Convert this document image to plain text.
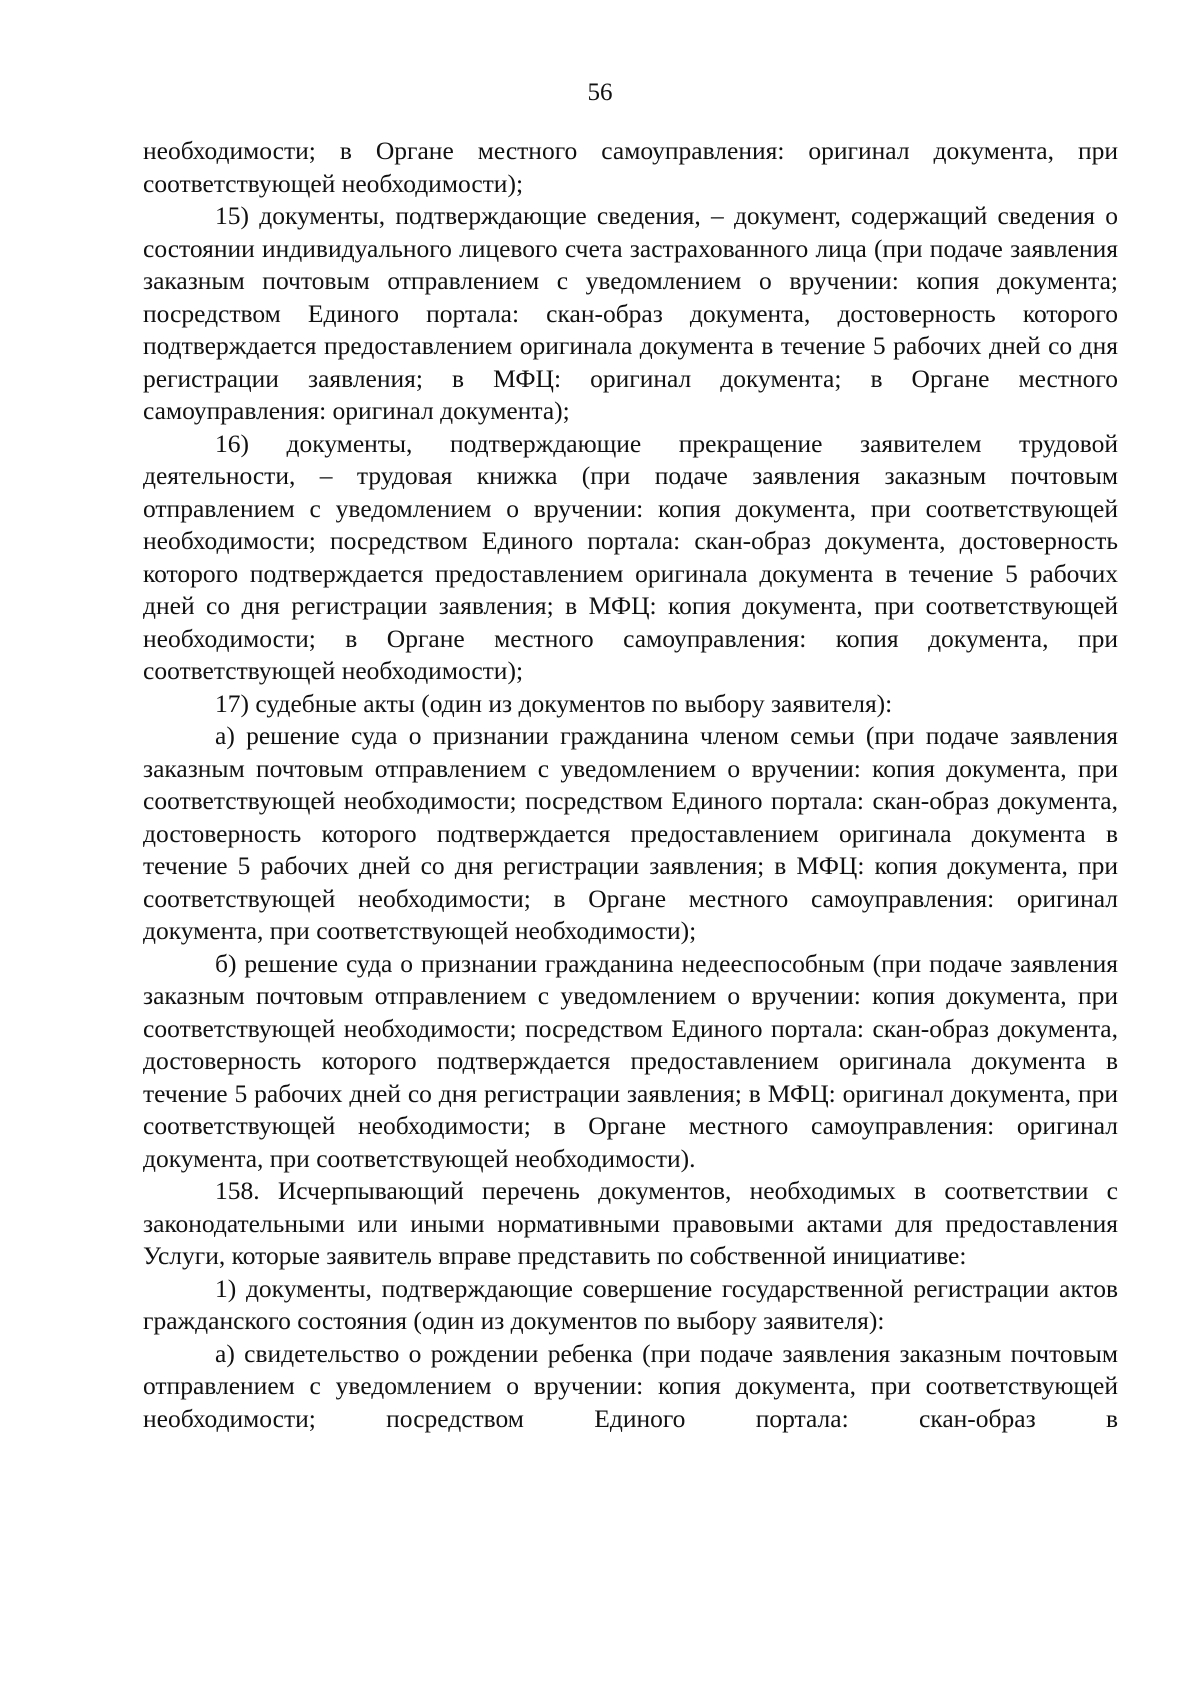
56

необходимости; в Органе местного самоуправления: оригинал документа, при соответствующей необходимости);

15) документы, подтверждающие сведения, – документ, содержащий сведения о состоянии индивидуального лицевого счета застрахованного лица (при подаче заявления заказным почтовым отправлением с уведомлением о вручении: копия документа; посредством Единого портала: скан-образ документа, достоверность которого подтверждается предоставлением оригинала документа в течение 5 рабочих дней со дня регистрации заявления; в МФЦ: оригинал документа; в Органе местного самоуправления: оригинал документа);

16) документы, подтверждающие прекращение заявителем трудовой деятельности, – трудовая книжка (при подаче заявления заказным почтовым отправлением с уведомлением о вручении: копия документа, при соответствующей необходимости; посредством Единого портала: скан-образ документа, достоверность которого подтверждается предоставлением оригинала документа в течение 5 рабочих дней со дня регистрации заявления; в МФЦ: копия документа, при соответствующей необходимости; в Органе местного самоуправления: копия документа, при соответствующей необходимости);

17) судебные акты (один из документов по выбору заявителя):

а) решение суда о признании гражданина членом семьи (при подаче заявления заказным почтовым отправлением с уведомлением о вручении: копия документа, при соответствующей необходимости; посредством Единого портала: скан-образ документа, достоверность которого подтверждается предоставлением оригинала документа в течение 5 рабочих дней со дня регистрации заявления; в МФЦ: копия документа, при соответствующей необходимости; в Органе местного самоуправления: оригинал документа, при соответствующей необходимости);

б) решение суда о признании гражданина недееспособным (при подаче заявления заказным почтовым отправлением с уведомлением о вручении: копия документа, при соответствующей необходимости; посредством Единого портала: скан-образ документа, достоверность которого подтверждается предоставлением оригинала документа в течение 5 рабочих дней со дня регистрации заявления; в МФЦ: оригинал документа, при соответствующей необходимости; в Органе местного самоуправления: оригинал документа, при соответствующей необходимости).

158. Исчерпывающий перечень документов, необходимых в соответствии с законодательными или иными нормативными правовыми актами для предоставления Услуги, которые заявитель вправе представить по собственной инициативе:

1) документы, подтверждающие совершение государственной регистрации актов гражданского состояния (один из документов по выбору заявителя):

а) свидетельство о рождении ребенка (при подаче заявления заказным почтовым отправлением с уведомлением о вручении: копия документа, при соответствующей необходимости; посредством Единого портала: скан-образ в
